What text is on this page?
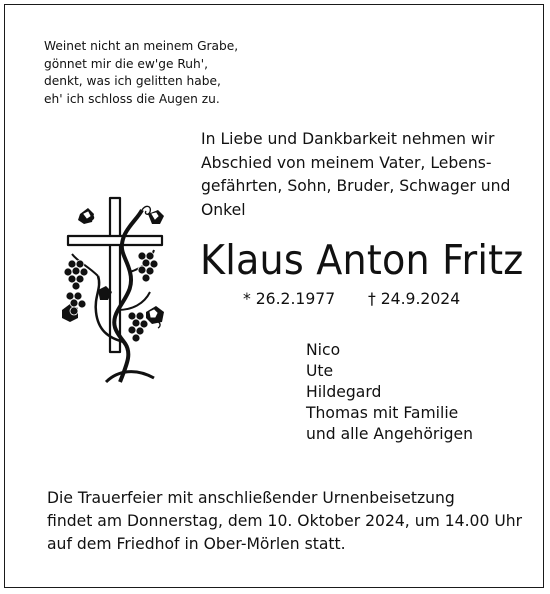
Weinet nicht an meinem Grabe,
gönnet mir die ew'ge Ruh',
denkt, was ich gelitten habe,
eh' ich schloss die Augen zu.
In Liebe und Dankbarkeit nehmen wir
Abschied von meinem Vater, Lebens-
gefährten, Sohn, Bruder, Schwager und
Onkel
Klaus Anton Fritz
* 26.2.1977 † 24.9.2024
Nico
Ute
Hildegard
Thomas mit Familie
und alle Angehörigen
Die Trauerfeier mit anschließender Urnenbeisetzung
findet am Donnerstag, dem 10. Oktober 2024, um 14.00 Uhr
auf dem Friedhof in Ober-Mörlen statt.
